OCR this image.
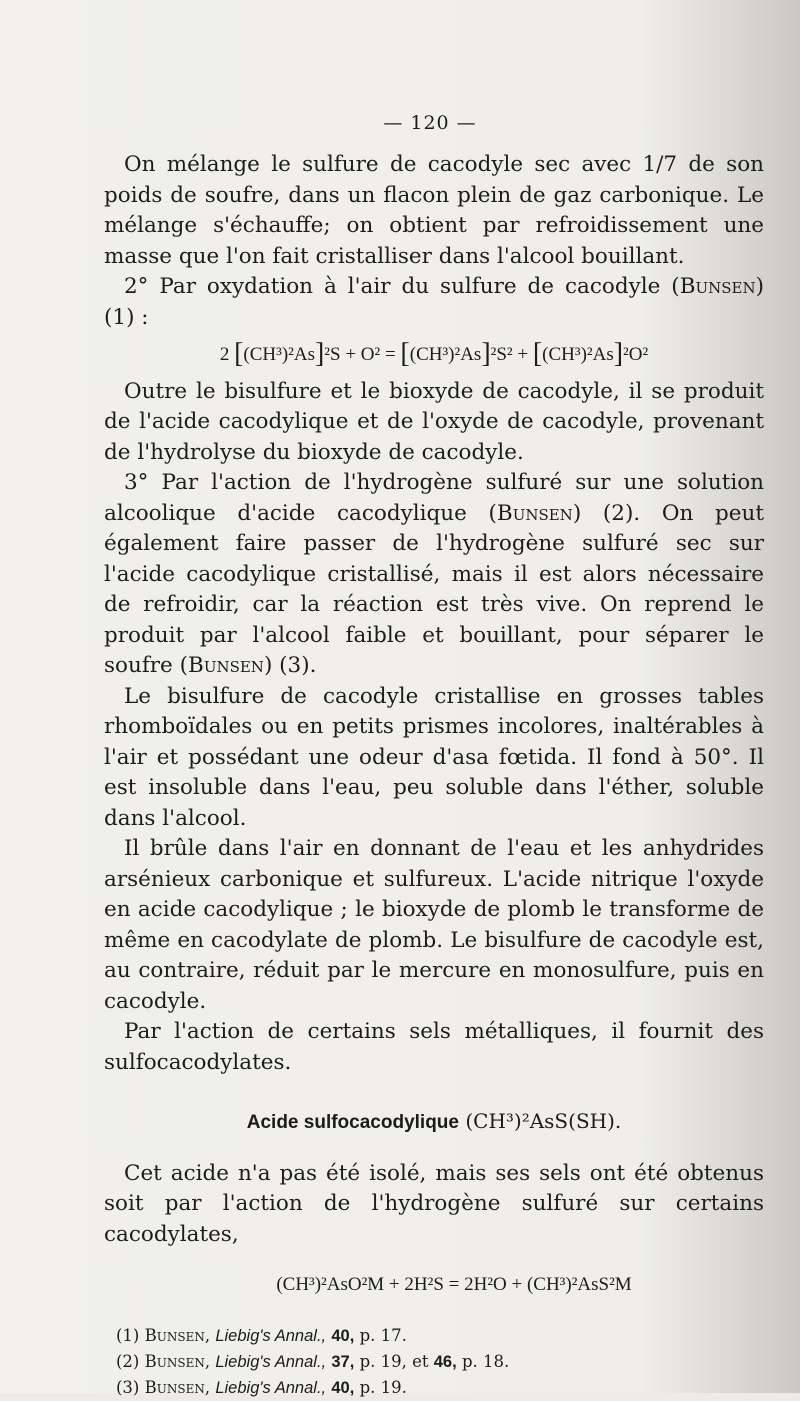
— 120 —

On mélange le sulfure de cacodyle sec avec 1/7 de son poids de soufre, dans un flacon plein de gaz carbonique. Le mélange s'échauffe; on obtient par refroidissement une masse que l'on fait cristalliser dans l'alcool bouillant.

2° Par oxydation à l'air du sulfure de cacodyle (Bunsen) (1) :

2 [(CH³)²As]²S + O² = [(CH³)²As]²S² + [(CH³)²As]²O²

Outre le bisulfure et le bioxyde de cacodyle, il se produit de l'acide cacodylique et de l'oxyde de cacodyle, provenant de l'hydrolyse du bioxyde de cacodyle.

3° Par l'action de l'hydrogène sulfuré sur une solution alcoolique d'acide cacodylique (Bunsen) (2). On peut également faire passer de l'hydrogène sulfuré sec sur l'acide cacodylique cristallisé, mais il est alors nécessaire de refroidir, car la réaction est très vive. On reprend le produit par l'alcool faible et bouillant, pour séparer le soufre (Bunsen) (3).

Le bisulfure de cacodyle cristallise en grosses tables rhomboïdales ou en petits prismes incolores, inaltérables à l'air et possédant une odeur d'asa fœtida. Il fond à 50°. Il est insoluble dans l'eau, peu soluble dans l'éther, soluble dans l'alcool.

Il brûle dans l'air en donnant de l'eau et les anhydrides arsénieux carbonique et sulfureux. L'acide nitrique l'oxyde en acide cacodylique ; le bioxyde de plomb le transforme de même en cacodylate de plomb. Le bisulfure de cacodyle est, au contraire, réduit par le mercure en monosulfure, puis en cacodyle.

Par l'action de certains sels métalliques, il fournit des sulfocacodylates.

Acide sulfocacodylique (CH³)²AsS(SH).

Cet acide n'a pas été isolé, mais ses sels ont été obtenus soit par l'action de l'hydrogène sulfuré sur certains cacodylates,

(CH³)²AsO²M + 2H²S = 2H²O + (CH³)²AsS²M
(1) Bunsen, Liebig's Annal., 40, p. 17.
(2) Bunsen, Liebig's Annal., 37, p. 19, et 46, p. 18.
(3) Bunsen, Liebig's Annal., 40, p. 19.
